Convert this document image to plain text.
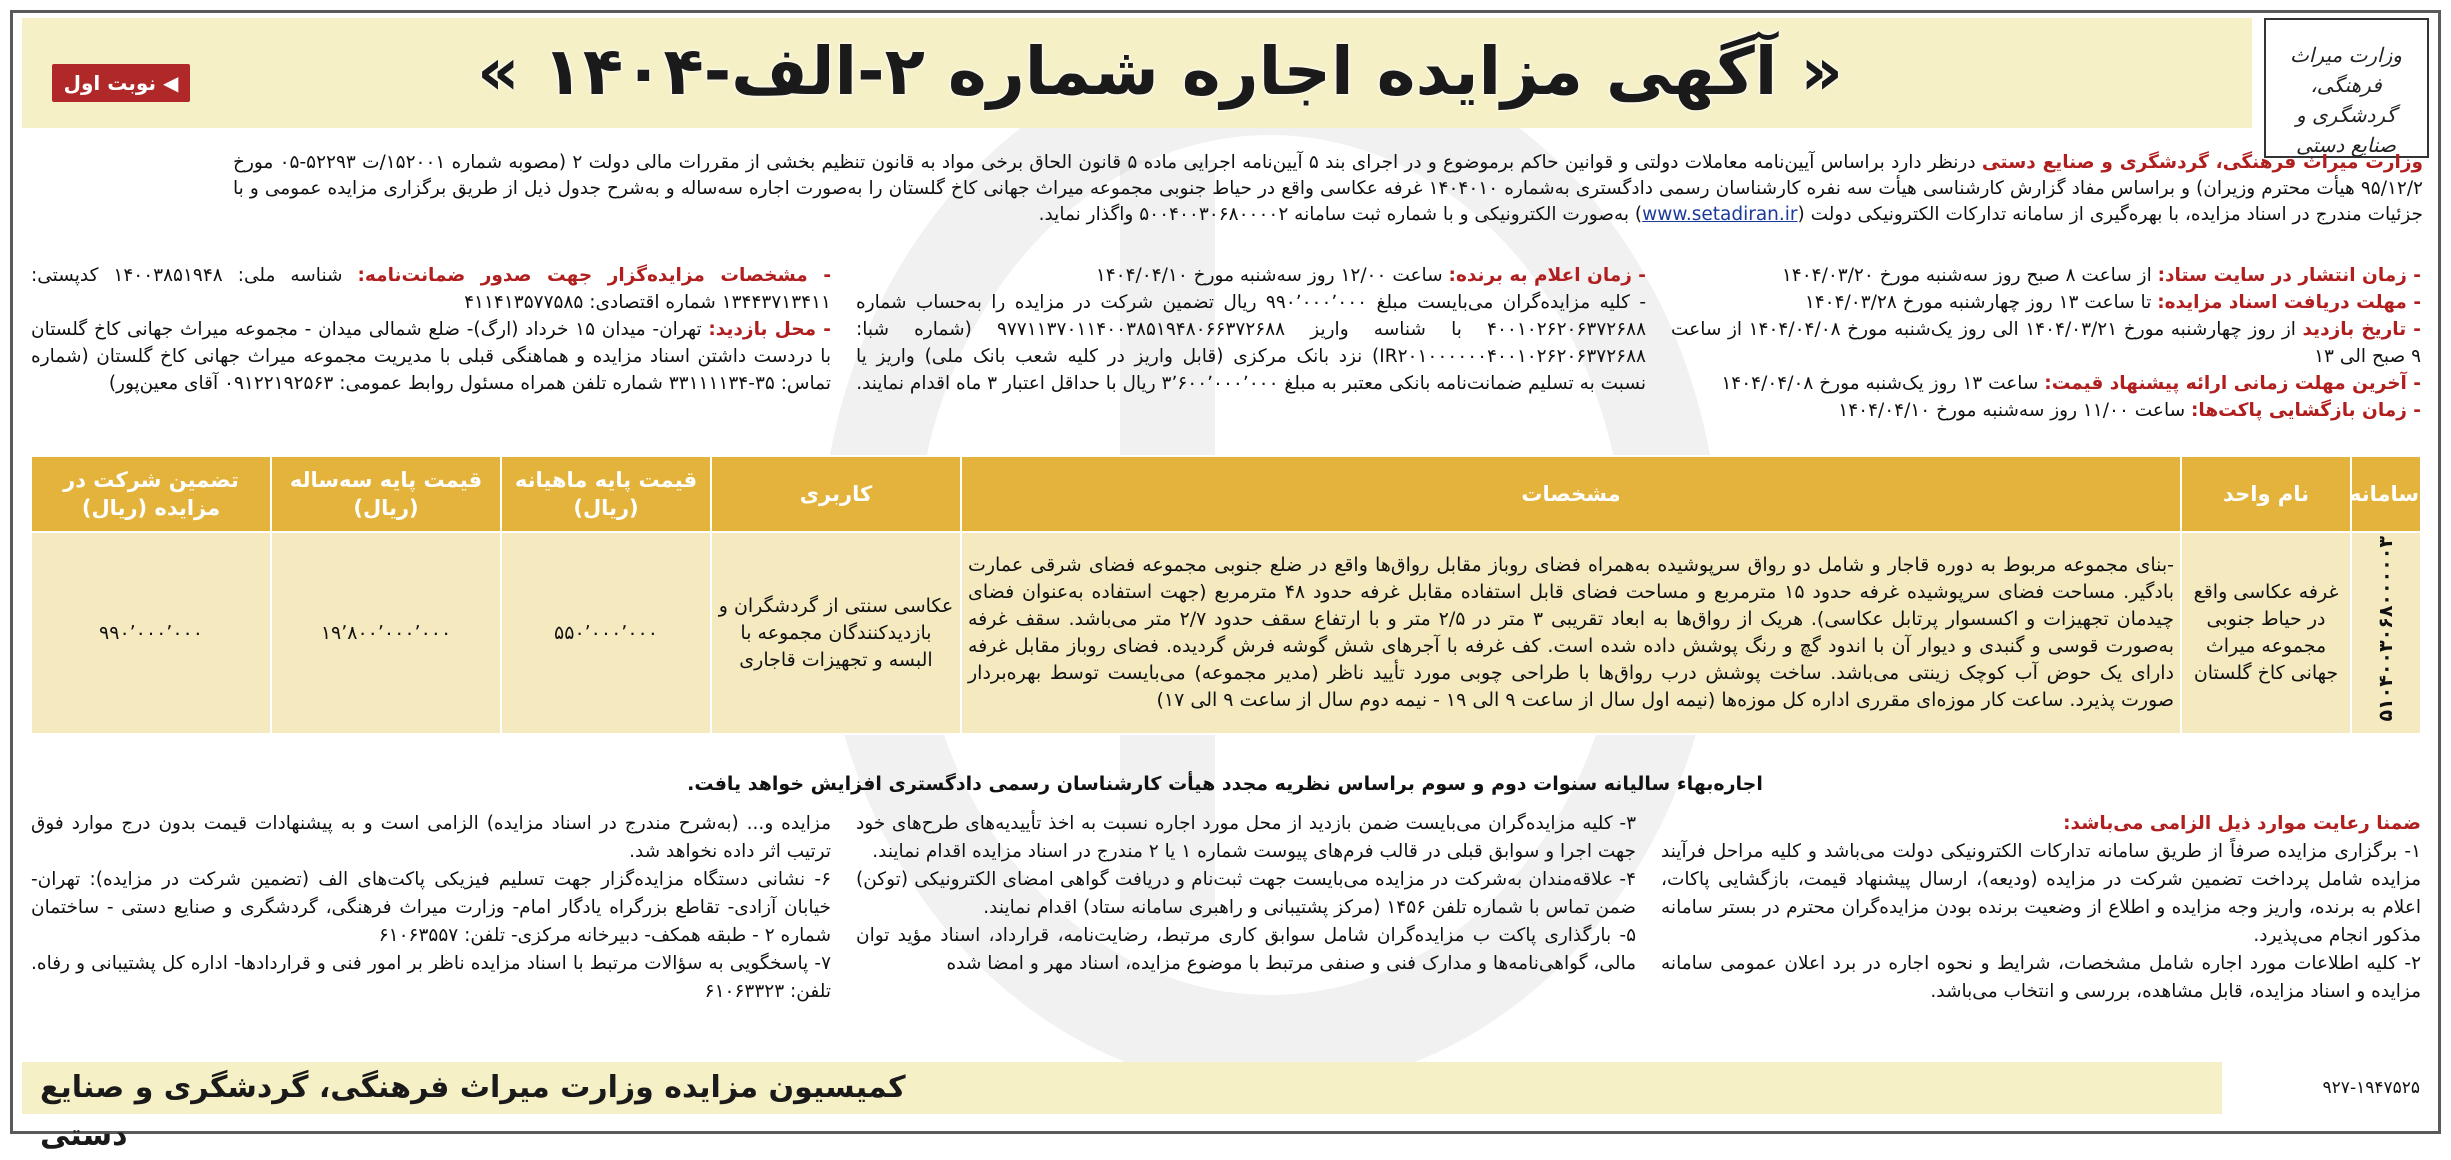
« آگهی مزایده اجاره شماره ۲-الف-۱۴۰۴ »
◀ نوبت اول
وزارت میراث فرهنگی، گردشگری و صنایع دستی
وزارت میراث فرهنگی، گردشگری و صنایع دستی درنظر دارد براساس آیین‌نامه معاملات دولتی و قوانین حاکم برموضوع و در اجرای بند ۵ آیین‌نامه اجرایی ماده ۵ قانون الحاق برخی مواد به قانون تنظیم بخشی از مقررات مالی دولت ۲ (مصوبه شماره ۱۵۲۰۰۱/ت ۵۲۲۹۳-۰۵ مورخ ۹۵/۱۲/۲ هیأت محترم وزیران) و براساس مفاد گزارش کارشناسی هیأت سه نفره کارشناسان رسمی دادگستری به‌شماره ۱۴۰۴۰۱۰ غرفه عکاسی واقع در حیاط جنوبی مجموعه میراث جهانی کاخ گلستان را به‌صورت اجاره سه‌ساله و به‌شرح جدول ذیل از طریق برگزاری مزایده عمومی و با جزئیات مندرج در اسناد مزایده، با بهره‌گیری از سامانه تدارکات الکترونیکی دولت (www.setadiran.ir) به‌صورت الکترونیکی و با شماره ثبت سامانه ۵۰۰۴۰۰۳۰۶۸۰۰۰۰۲ واگذار نماید.
- زمان انتشار در سایت ستاد: از ساعت ۸ صبح روز سه‌شنبه مورخ ۱۴۰۴/۰۳/۲۰
- مهلت دریافت اسناد مزایده: تا ساعت ۱۳ روز چهارشنبه مورخ ۱۴۰۴/۰۳/۲۸
- تاریخ بازدید از روز چهارشنبه مورخ ۱۴۰۴/۰۳/۲۱ الی روز یک‌شنبه مورخ ۱۴۰۴/۰۴/۰۸ از ساعت ۹ صبح الی ۱۳
- آخرین مهلت زمانی ارائه پیشنهاد قیمت: ساعت ۱۳ روز یک‌شنبه مورخ ۱۴۰۴/۰۴/۰۸
- زمان بازگشایی پاکت‌ها: ساعت ۱۱/۰۰ روز سه‌شنبه مورخ ۱۴۰۴/۰۴/۱۰
- زمان اعلام به برنده: ساعت ۱۲/۰۰ روز سه‌شنبه مورخ ۱۴۰۴/۰۴/۱۰
- کلیه مزایده‌گران می‌بایست مبلغ ۹۹۰٬۰۰۰٬۰۰۰ ریال تضمین شرکت در مزایده را به‌حساب شماره ۴۰۰۱۰۲۶۲۰۶۳۷۲۶۸۸ با شناسه واریز ۹۷۷۱۱۳۷۰۱۱۴۰۰۳۸۵۱۹۴۸۰۶۶۳۷۲۶۸۸ (شماره شبا: IR۲۰۱۰۰۰۰۰۰۴۰۰۱۰۲۶۲۰۶۳۷۲۶۸۸) نزد بانک مرکزی (قابل واریز در کلیه شعب بانک ملی) واریز یا نسبت به تسلیم ضمانت‌نامه بانکی معتبر به مبلغ ۳٬۶۰۰٬۰۰۰٬۰۰۰ ریال با حداقل اعتبار ۳ ماه اقدام نمایند.
- مشخصات مزایده‌گزار جهت صدور ضمانت‌نامه: شناسه ملی: ۱۴۰۰۳۸۵۱۹۴۸ کدپستی: ۱۳۴۴۳۷۱۳۴۱۱ شماره اقتصادی: ۴۱۱۴۱۳۵۷۷۵۸۵
- محل بازدید: تهران- میدان ۱۵ خرداد (ارگ)- ضلع شمالی میدان - مجموعه میراث جهانی کاخ گلستان با دردست داشتن اسناد مزایده و هماهنگی قبلی با مدیریت مجموعه میراث جهانی کاخ گلستان (شماره تماس: ۳۵-۳۳۱۱۱۱۳۴ شماره تلفن همراه مسئول روابط عمومی: ۰۹۱۲۲۱۹۲۵۶۳ آقای معین‌پور)
سامانه	نام واحد	مشخصات	کاربری	قیمت پایه ماهیانه (ریال)	قیمت پایه سه‌ساله (ریال)	تضمین شرکت در مزایده (ریال)
۵۱۰۴۰۰۳۰۶۸۰۰۰۰۰۳	غرفه عکاسی واقع در حیاط جنوبی مجموعه میراث جهانی کاخ گلستان	-بنای مجموعه مربوط به دوره قاجار و شامل دو رواق سرپوشیده به‌همراه فضای روباز مقابل رواق‌ها واقع در ضلع جنوبی مجموعه فضای شرقی عمارت بادگیر. مساحت فضای سرپوشیده غرفه حدود ۱۵ مترمربع و مساحت فضای قابل استفاده مقابل غرفه حدود ۴۸ مترمربع (جهت استفاده به‌عنوان فضای چیدمان تجهیزات و اکسسوار پرتابل عکاسی). هریک از رواق‌ها به ابعاد تقریبی ۳ متر در ۲/۵ متر و با ارتفاع سقف حدود ۲/۷ متر می‌باشد. سقف غرفه به‌صورت قوسی و گنبدی و دیوار آن با اندود گچ و رنگ پوشش داده شده است. کف غرفه با آجرهای شش گوشه فرش گردیده. فضای روباز مقابل غرفه دارای یک حوض آب کوچک زینتی می‌باشد. ساخت پوشش درب رواق‌ها با طراحی چوبی مورد تأیید ناظر (مدیر مجموعه) می‌بایست توسط بهره‌بردار صورت پذیرد. ساعت کار موزه‌ای مقرری اداره کل موزه‌ها (نیمه اول سال از ساعت ۹ الی ۱۹ - نیمه دوم سال از ساعت ۹ الی ۱۷)	عکاسی سنتی از گردشگران و بازدیدکنندگان مجموعه با البسه و تجهیزات قاجاری	۵۵۰٬۰۰۰٬۰۰۰	۱۹٬۸۰۰٬۰۰۰٬۰۰۰	۹۹۰٬۰۰۰٬۰۰۰
اجاره‌بهاء سالیانه سنوات دوم و سوم براساس نظریه مجدد هیأت کارشناسان رسمی دادگستری افزایش خواهد یافت.
ضمنا رعایت موارد ذیل الزامی می‌باشد:
۱- برگزاری مزایده صرفاً از طریق سامانه تدارکات الکترونیکی دولت می‌باشد و کلیه مراحل فرآیند مزایده شامل پرداخت تضمین شرکت در مزایده (ودیعه)، ارسال پیشنهاد قیمت، بازگشایی پاکات، اعلام به برنده، واریز وجه مزایده و اطلاع از وضعیت برنده بودن مزایده‌گران محترم در بستر سامانه مذکور انجام می‌پذیرد.
۲- کلیه اطلاعات مورد اجاره شامل مشخصات، شرایط و نحوه اجاره در برد اعلان عمومی سامانه مزایده و اسناد مزایده، قابل مشاهده، بررسی و انتخاب می‌باشد.
۳- کلیه مزایده‌گران می‌بایست ضمن بازدید از محل مورد اجاره نسبت به اخذ تأییدیه‌های طرح‌های خود جهت اجرا و سوابق قبلی در قالب فرم‌های پیوست شماره ۱ یا ۲ مندرج در اسناد مزایده اقدام نمایند.
۴- علاقه‌مندان به‌شرکت در مزایده می‌بایست جهت ثبت‌نام و دریافت گواهی امضای الکترونیکی (توکن) ضمن تماس با شماره تلفن ۱۴۵۶ (مرکز پشتیبانی و راهبری سامانه ستاد) اقدام نمایند.
۵- بارگذاری پاکت ب مزایده‌گران شامل سوابق کاری مرتبط، رضایت‌نامه، قرارداد، اسناد مؤید توان مالی، گواهی‌نامه‌ها و مدارک فنی و صنفی مرتبط با موضوع مزایده، اسناد مهر و امضا شده
مزایده و... (به‌شرح مندرج در اسناد مزایده) الزامی است و به پیشنهادات قیمت بدون درج موارد فوق ترتیب اثر داده نخواهد شد.
۶- نشانی دستگاه مزایده‌گزار جهت تسلیم فیزیکی پاکت‌های الف (تضمین شرکت در مزایده): تهران- خیابان آزادی- تقاطع بزرگراه یادگار امام- وزارت میراث فرهنگی، گردشگری و صنایع دستی - ساختمان شماره ۲ - طبقه همکف- دبیرخانه مرکزی- تلفن: ۶۱۰۶۳۵۵۷
۷- پاسخگویی به سؤالات مرتبط با اسناد مزایده ناظر بر امور فنی و قراردادها- اداره کل پشتیبانی و رفاه. تلفن: ۶۱۰۶۳۳۲۳
کمیسیون مزایده وزارت میراث فرهنگی، گردشگری و صنایع دستی
۹۲۷-۱۹۴۷۵۲۵
